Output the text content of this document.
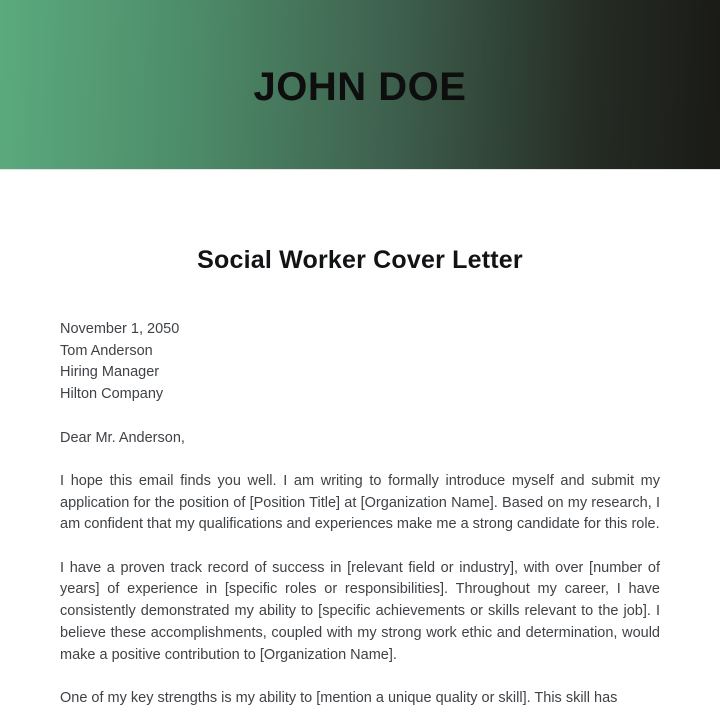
JOHN DOE
Social Worker Cover Letter
November 1, 2050
Tom Anderson
Hiring Manager
Hilton Company
Dear Mr. Anderson,

I hope this email finds you well. I am writing to formally introduce myself and submit my application for the position of [Position Title] at [Organization Name]. Based on my research, I am confident that my qualifications and experiences make me a strong candidate for this role.

I have a proven track record of success in [relevant field or industry], with over [number of years] of experience in [specific roles or responsibilities]. Throughout my career, I have consistently demonstrated my ability to [specific achievements or skills relevant to the job]. I believe these accomplishments, coupled with my strong work ethic and determination, would make a positive contribution to [Organization Name].

One of my key strengths is my ability to [mention a unique quality or skill]. This skill has
